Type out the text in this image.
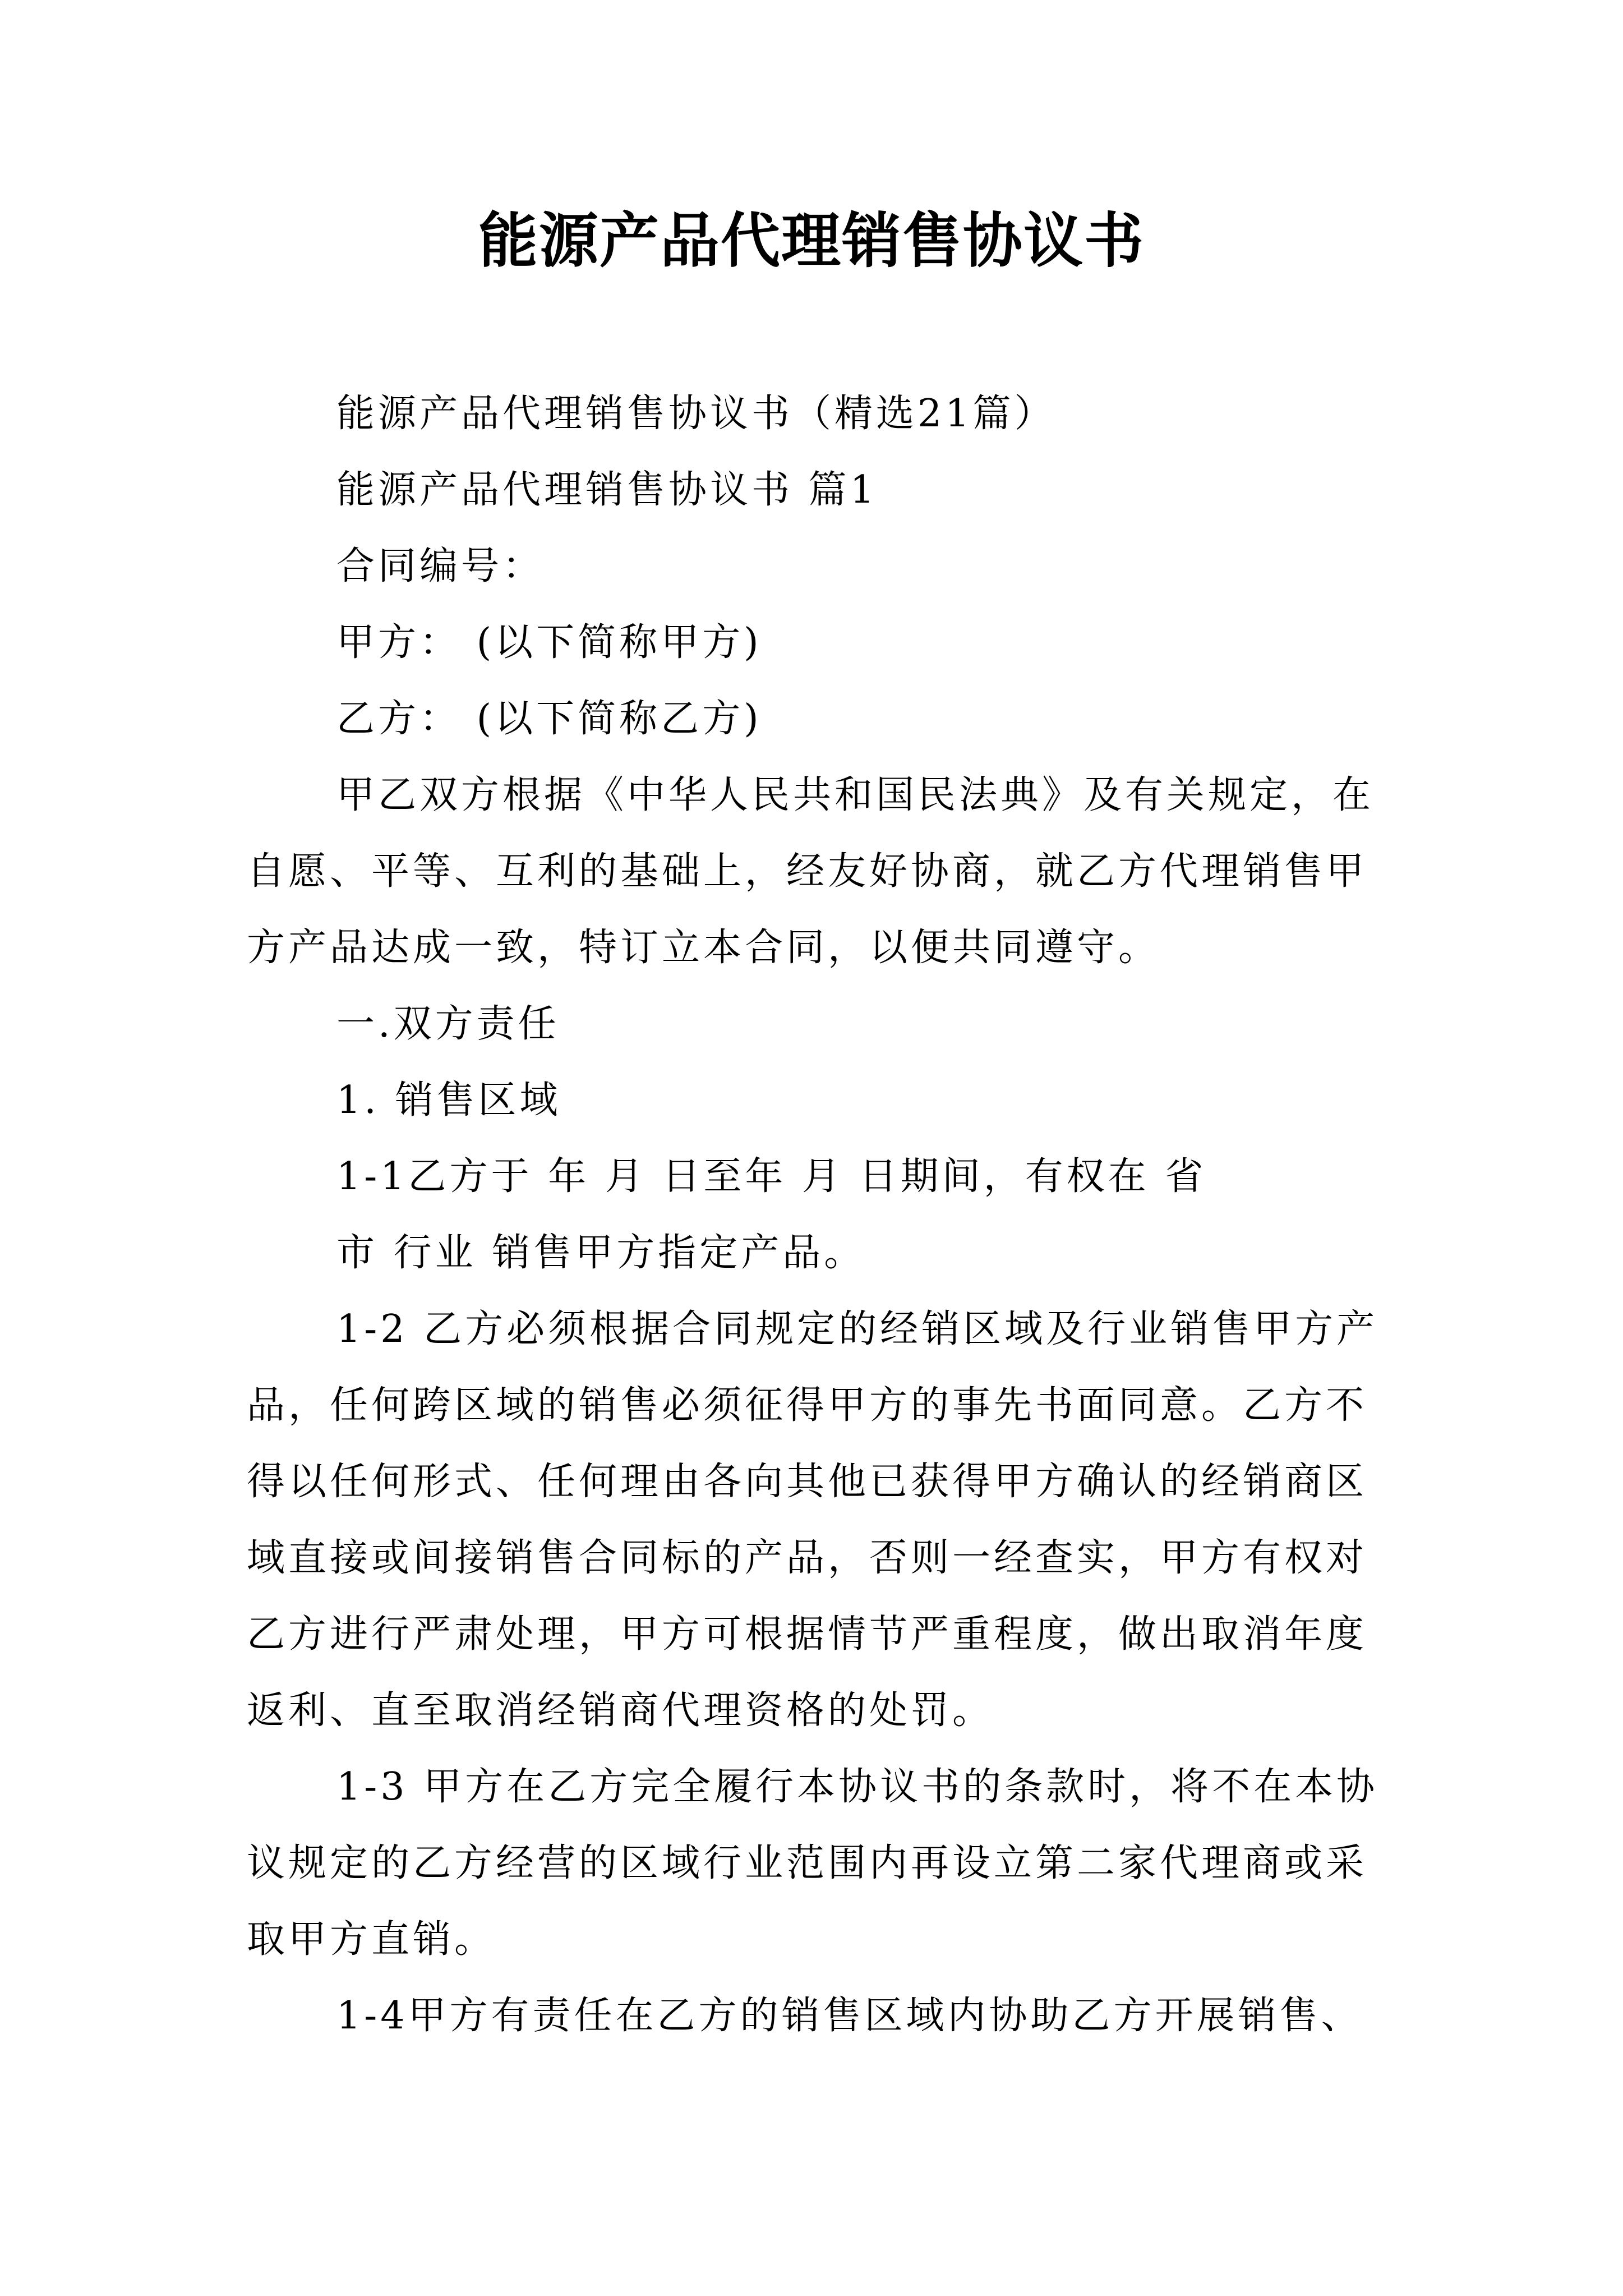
能源产品代理销售协议书

能源产品代理销售协议书（精选21篇）

能源产品代理销售协议书 篇1

合同编号：

甲方： (以下简称甲方)

乙方： (以下简称乙方)

甲乙双方根据《中华人民共和国民法典》及有关规定，在自愿、平等、互利的基础上，经友好协商，就乙方代理销售甲方产品达成一致，特订立本合同，以便共同遵守。

一.双方责任

1. 销售区域

1-1乙方于 年 月 日至年 月 日期间，有权在 省

市 行业 销售甲方指定产品。

1-2 乙方必须根据合同规定的经销区域及行业销售甲方产品，任何跨区域的销售必须征得甲方的事先书面同意。乙方不得以任何形式、任何理由各向其他已获得甲方确认的经销商区域直接或间接销售合同标的产品，否则一经查实，甲方有权对乙方进行严肃处理，甲方可根据情节严重程度，做出取消年度返利、直至取消经销商代理资格的处罚。

1-3 甲方在乙方完全履行本协议书的条款时，将不在本协议规定的乙方经营的区域行业范围内再设立第二家代理商或采取甲方直销。

1-4甲方有责任在乙方的销售区域内协助乙方开展销售、
